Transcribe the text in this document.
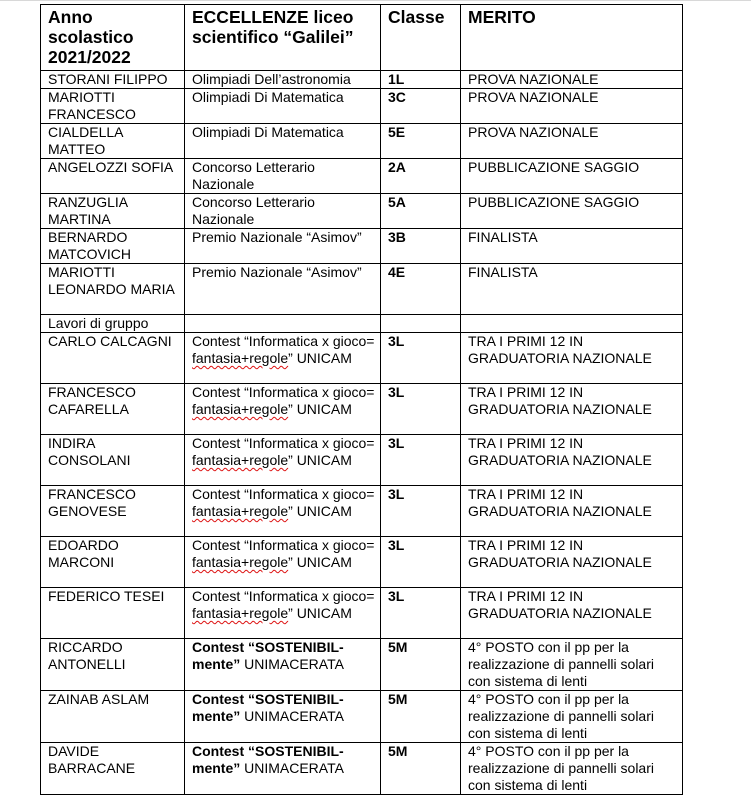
Anno scolastico 2021/2022	ECCELLENZE liceo scientifico “Galilei”	Classe	MERITO
STORANI FILIPPO	Olimpiadi Dell’astronomia	1L	PROVA NAZIONALE
MARIOTTI FRANCESCO	Olimpiadi Di Matematica	3C	PROVA NAZIONALE
CIALDELLA MATTEO	Olimpiadi Di Matematica	5E	PROVA NAZIONALE
ANGELOZZI SOFIA	Concorso Letterario Nazionale	2A	PUBBLICAZIONE SAGGIO
RANZUGLIA MARTINA	Concorso Letterario Nazionale	5A	PUBBLICAZIONE SAGGIO
BERNARDO MATCOVICH	Premio Nazionale “Asimov”	3B	FINALISTA
MARIOTTI LEONARDO MARIA	Premio Nazionale “Asimov”	4E	FINALISTA
Lavori di gruppo			
CARLO CALCAGNI	Contest “Informatica x gioco= fantasia+regole” UNICAM	3L	TRA I PRIMI 12 IN GRADUATORIA NAZIONALE
FRANCESCO CAFARELLA	Contest “Informatica x gioco= fantasia+regole” UNICAM	3L	TRA I PRIMI 12 IN GRADUATORIA NAZIONALE
INDIRA CONSOLANI	Contest “Informatica x gioco= fantasia+regole” UNICAM	3L	TRA I PRIMI 12 IN GRADUATORIA NAZIONALE
FRANCESCO GENOVESE	Contest “Informatica x gioco= fantasia+regole” UNICAM	3L	TRA I PRIMI 12 IN GRADUATORIA NAZIONALE
EDOARDO MARCONI	Contest “Informatica x gioco= fantasia+regole” UNICAM	3L	TRA I PRIMI 12 IN GRADUATORIA NAZIONALE
FEDERICO TESEI	Contest “Informatica x gioco= fantasia+regole” UNICAM	3L	TRA I PRIMI 12 IN GRADUATORIA NAZIONALE
RICCARDO ANTONELLI	Contest “SOSTENIBIL-mente” UNIMACERATA	5M	4° POSTO con il pp per la realizzazione di pannelli solari con sistema di lenti
ZAINAB ASLAM	Contest “SOSTENIBIL-mente” UNIMACERATA	5M	4° POSTO con il pp per la realizzazione di pannelli solari con sistema di lenti
DAVIDE BARRACANE	Contest “SOSTENIBIL-mente” UNIMACERATA	5M	4° POSTO con il pp per la realizzazione di pannelli solari con sistema di lenti
